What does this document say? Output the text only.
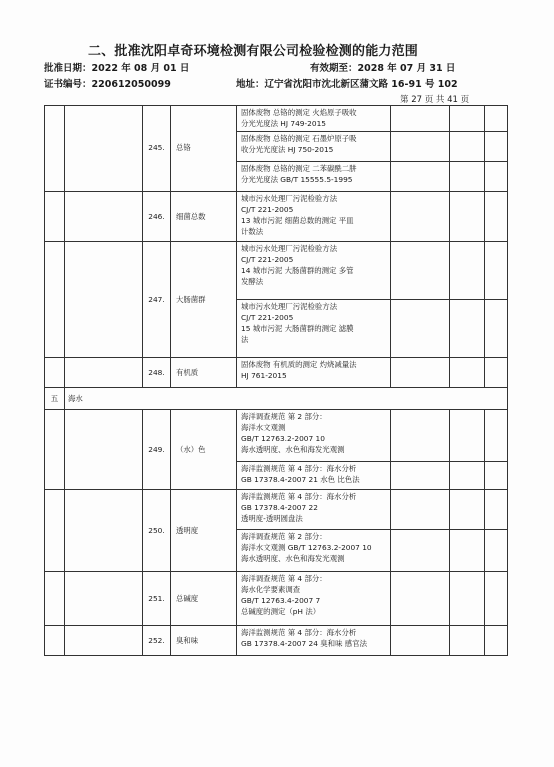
二、批准沈阳卓奇环境检测有限公司检验检测的能力范围
批准日期：2022 年 08 月 01 日	有效期至：2028 年 07 月 31 日
证书编号：220612050099	地址：辽宁省沈阳市沈北新区蒲文路 16-91 号 102
第 27 页 共 41 页
		245.	总铬	固体废物 总铬的测定 火焰原子吸收
分光光度法 HJ 749-2015			

				固体废物 总铬的测定 石墨炉原子吸
收分光光度法 HJ 750-2015			

				固体废物 总铬的测定 二苯碳酰二肼
分光光度法 GB/T 15555.5-1995			

		246.	细菌总数	城市污水处理厂污泥检验方法
CJ/T 221-2005
13 城市污泥 细菌总数的测定 平皿
计数法			

		247.	大肠菌群	城市污水处理厂污泥检验方法
CJ/T 221-2005
14 城市污泥 大肠菌群的测定 多管
发酵法			

				城市污水处理厂污泥检验方法
CJ/T 221-2005
15 城市污泥 大肠菌群的测定 滤膜
法			

		248.	有机质	固体废物 有机质的测定 灼烧减量法
HJ 761-2015			

五	海水						
		249.	（水）色	海洋调查规范 第 2 部分：
海洋水文观测
GB/T 12763.2-2007 10
海水透明度、水色和海发光观测			

				海洋监测规范 第 4 部分：海水分析
GB 17378.4-2007 21 水色 比色法			

		250.	透明度	海洋监测规范 第 4 部分：海水分析
GB 17378.4-2007 22
透明度-透明圆盘法			

				海洋调查规范 第 2 部分：
海洋水文观测 GB/T 12763.2-2007 10
海水透明度、水色和海发光观测			

		251.	总碱度	海洋调查规范 第 4 部分：
海水化学要素调查
GB/T 12763.4-2007 7
总碱度的测定（pH 法）			

		252.	臭和味	海洋监测规范 第 4 部分：海水分析
GB 17378.4-2007 24 臭和味 感官法			
